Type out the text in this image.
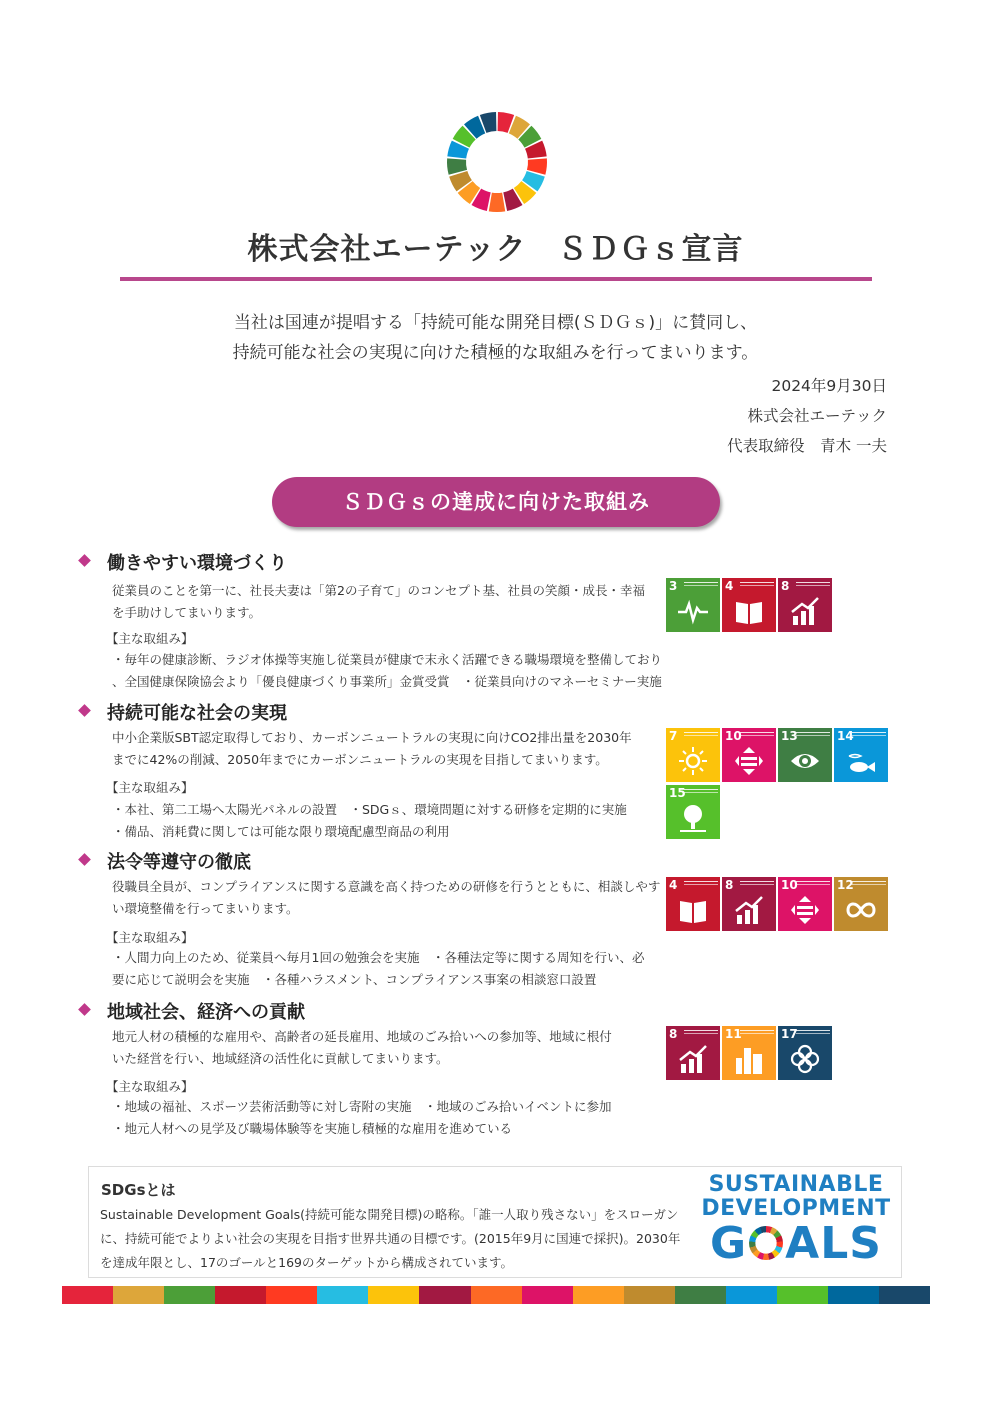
株式会社エーテック　ＳＤＧｓ宣言
当社は国連が提唱する「持続可能な開発目標(ＳＤＧｓ)」に賛同し、
持続可能な社会の実現に向けた積極的な取組みを行ってまいります。
2024年9月30日
株式会社エーテック
代表取締役　青木 一夫
ＳＤＧｓの達成に向けた取組み
働きやすい環境づくり
従業員のことを第一に、社長夫妻は「第2の子育て」のコンセプト基、社員の笑顔・成長・幸福
を手助けしてまいります。
【主な取組み】
・毎年の健康診断、ラジオ体操等実施し従業員が健康で末永く活躍できる職場環境を整備しており
、全国健康保険協会より「優良健康づくり事業所」金賞受賞　・従業員向けのマネーセミナー実施
3	4	8
持続可能な社会の実現
中小企業版SBT認定取得しており、カーボンニュートラルの実現に向けCO2排出量を2030年
までに42%の削減、2050年までにカーボンニュートラルの実現を目指してまいります。
【主な取組み】
・本社、第二工場へ太陽光パネルの設置　・SDGｓ、環境問題に対する研修を定期的に実施
・備品、消耗費に関しては可能な限り環境配慮型商品の利用
7	10	13	14
15
法令等遵守の徹底
役職員全員が、コンプライアンスに関する意識を高く持つための研修を行うとともに、相談しやす
い環境整備を行ってまいります。
【主な取組み】
・人間力向上のため、従業員へ毎月1回の勉強会を実施　・各種法定等に関する周知を行い、必
要に応じて説明会を実施　・各種ハラスメント、コンプライアンス事案の相談窓口設置
4	8	10	12
地域社会、経済への貢献
地元人材の積極的な雇用や、高齢者の延長雇用、地域のごみ拾いへの参加等、地域に根付
いた経営を行い、地域経済の活性化に貢献してまいります。
【主な取組み】
・地域の福祉、スポーツ芸術活動等に対し寄附の実施　・地域のごみ拾いイベントに参加
・地元人材への見学及び職場体験等を実施し積極的な雇用を進めている
8	11	17
SDGsとは
Sustainable Development Goals(持続可能な開発目標)の略称。「誰一人取り残さない」をスローガン
に、持続可能でよりよい社会の実現を目指す世界共通の目標です。(2015年9月に国連で採択)。2030年
を達成年限とし、17のゴールと169のターゲットから構成されています。
SUSTAINABLE
DEVELOPMENT
G ALS
